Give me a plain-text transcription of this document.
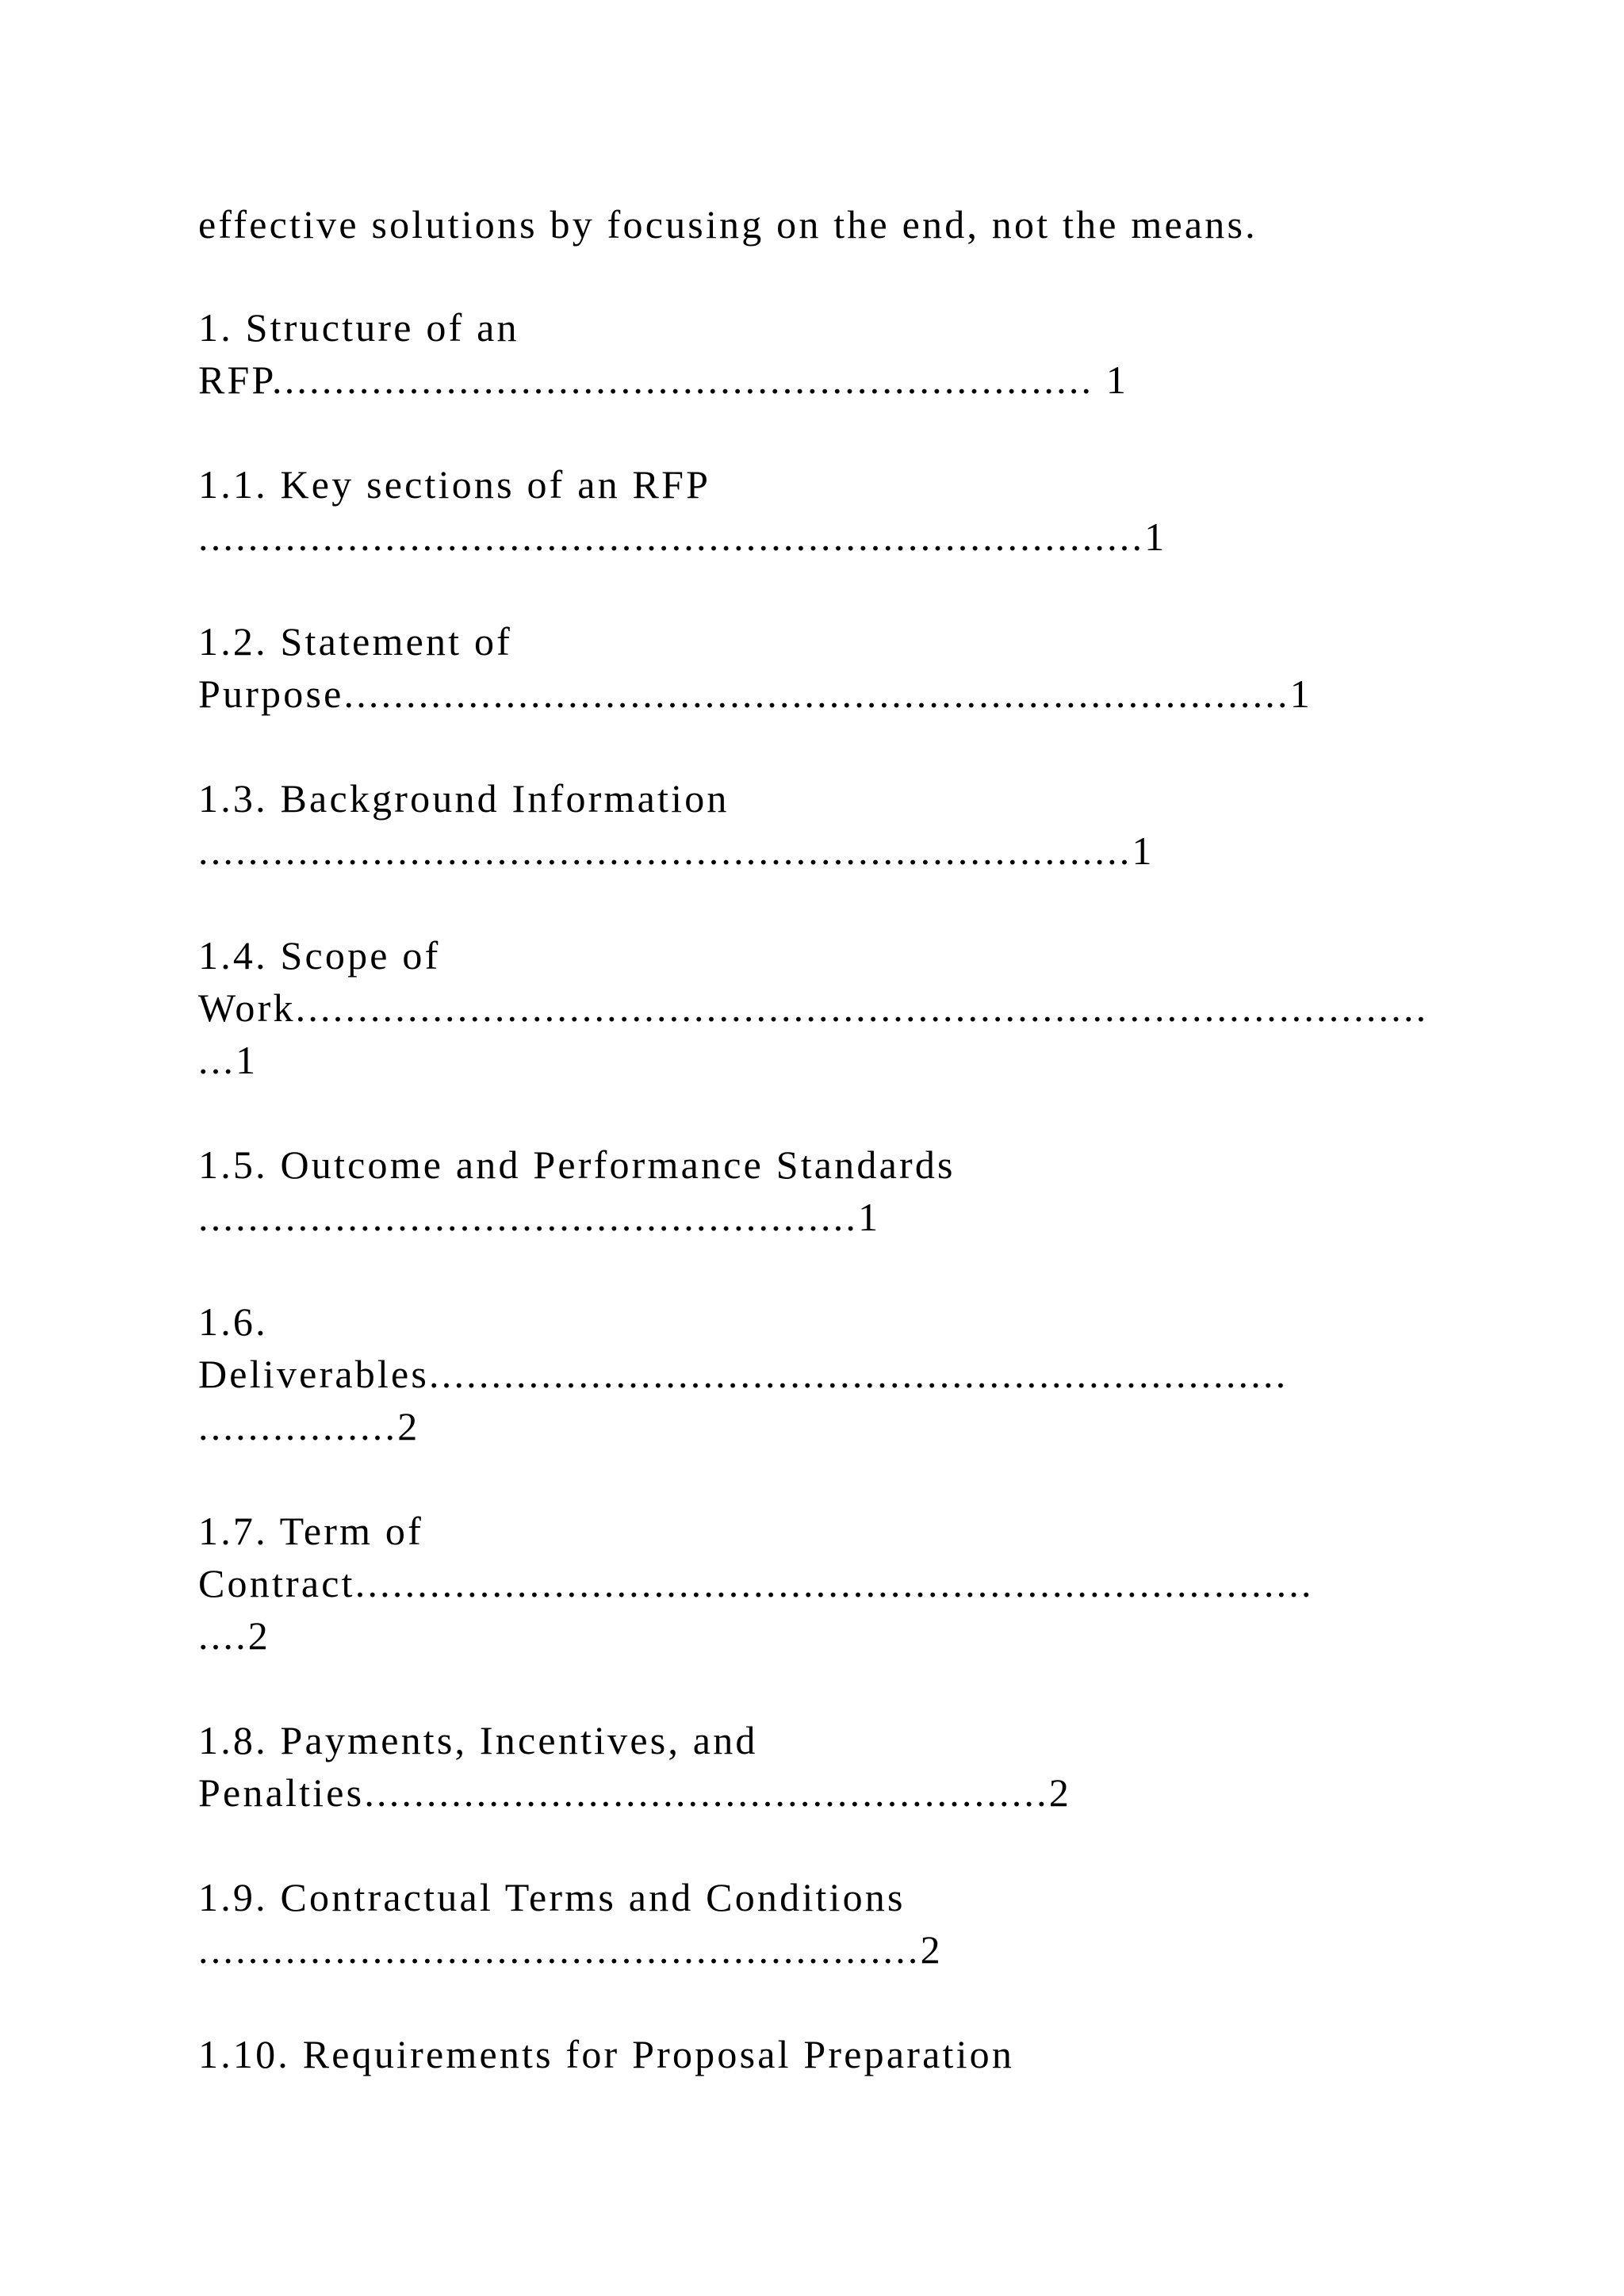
effective solutions by focusing on the end, not the means.
1. Structure of an
RFP.................................................................. 1
1.1. Key sections of an RFP
............................................................................1
1.2. Statement of
Purpose............................................................................1
1.3. Background Information
...........................................................................1
1.4. Scope of
Work...........................................................................................
...1
1.5. Outcome and Performance Standards
.....................................................1
1.6.
Deliverables.....................................................................
................2
1.7. Term of
Contract.............................................................................
....2
1.8. Payments, Incentives, and
Penalties.......................................................2
1.9. Contractual Terms and Conditions
..........................................................2
1.10. Requirements for Proposal Preparation
